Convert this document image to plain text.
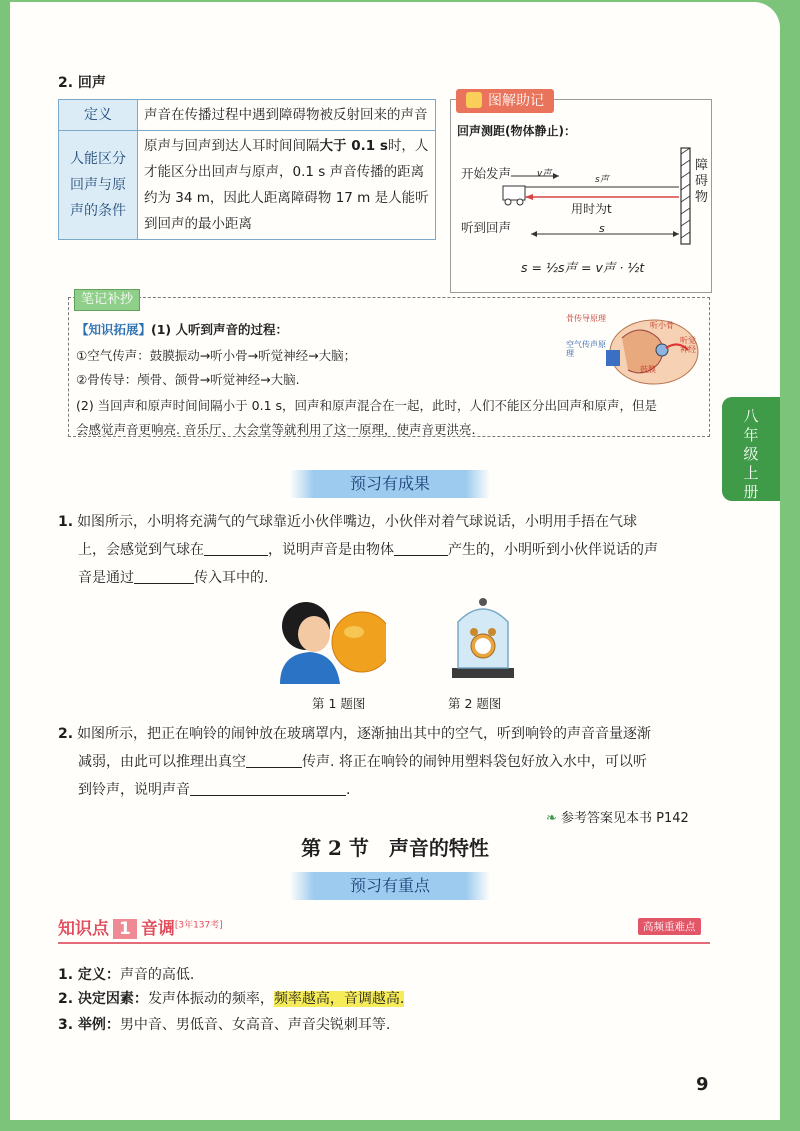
2. 回声
定义	声音在传播过程中遇到障碍物被反射回来的声音
人能区分回声与原声的条件	原声与回声到达人耳时间间隔大于 0.1 s时，人才能区分出回声与原声，0.1 s 声音传播的距离约为 34 m，因此人距离障碍物 17 m 是人能听到回声的最小距离
回声测距(物体静止)：
开始发声
听到回声
v声
s声
用时为t
s
障碍物
s = ½s声 = v声 · ½t
图解助记
笔记补抄
【知识拓展】(1) 人听到声音的过程：
①空气传声：鼓膜振动→听小骨→听觉神经→大脑；
②骨传导：颅骨、颌骨→听觉神经→大脑.
(2) 当回声和原声时间间隔小于 0.1 s，回声和原声混合在一起，此时，人们不能区分出回声和原声，但是
会感觉声音更响亮. 音乐厅、大会堂等就利用了这一原理，使声音更洪亮.
骨传导原理
空气传声原理
听小骨
听觉神经
鼓膜
八年级上册
预习有成果
1. 如图所示，小明将充满气的气球靠近小伙伴嘴边，小伙伴对着气球说话，小明用手捂在气球
上，会感觉到气球在	，说明声音是由物体	产生的，小明听到小伙伴说话的声
音是通过	传入耳中的.
第 1 题图	第 2 题图
2. 如图所示，把正在响铃的闹钟放在玻璃罩内，逐渐抽出其中的空气，听到响铃的声音音量逐渐
减弱，由此可以推理出真空	传声. 将正在响铃的闹钟用塑料袋包好放入水中，可以听
到铃声，说明声音	.
❧ 参考答案见本书 P142
第 2 节　声音的特性
预习有重点
知识点 1 音调[3年137考]	高频重难点
1. 定义：声音的高低.
2. 决定因素：发声体振动的频率，频率越高，音调越高.
3. 举例：男中音、男低音、女高音、声音尖锐刺耳等.
9
